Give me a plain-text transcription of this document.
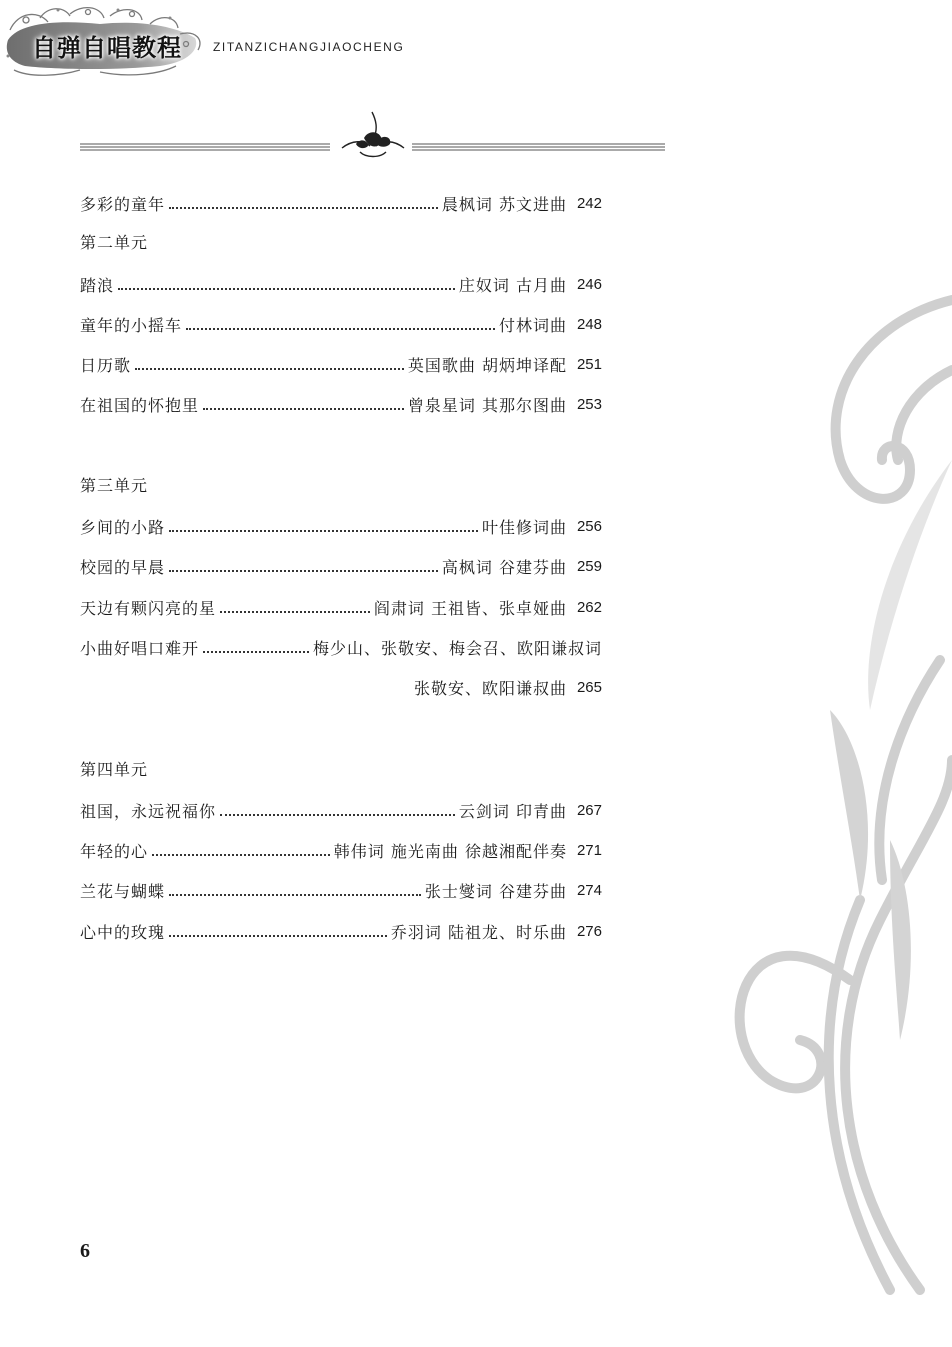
自弹自唱教程	ZITANZICHANGJIAOCHENG
多彩的童年	晨枫词 苏文进曲 242
第二单元
踏浪	庄奴词 古月曲 246
童年的小摇车	付林词曲 248
日历歌	英国歌曲 胡炳坤译配 251
在祖国的怀抱里	曾泉星词 其那尔图曲 253
第三单元
乡间的小路	叶佳修词曲 256
校园的早晨	高枫词 谷建芬曲 259
天边有颗闪亮的星	阎肃词 王祖皆、张卓娅曲 262
小曲好唱口难开	梅少山、张敬安、梅会召、欧阳谦叔词
张敬安、欧阳谦叔曲 265
第四单元
祖国，永远祝福你	云剑词 印青曲 267
年轻的心	韩伟词 施光南曲 徐越湘配伴奏 271
兰花与蝴蝶	张士燮词 谷建芬曲 274
心中的玫瑰	乔羽词 陆祖龙、时乐曲 276
6
